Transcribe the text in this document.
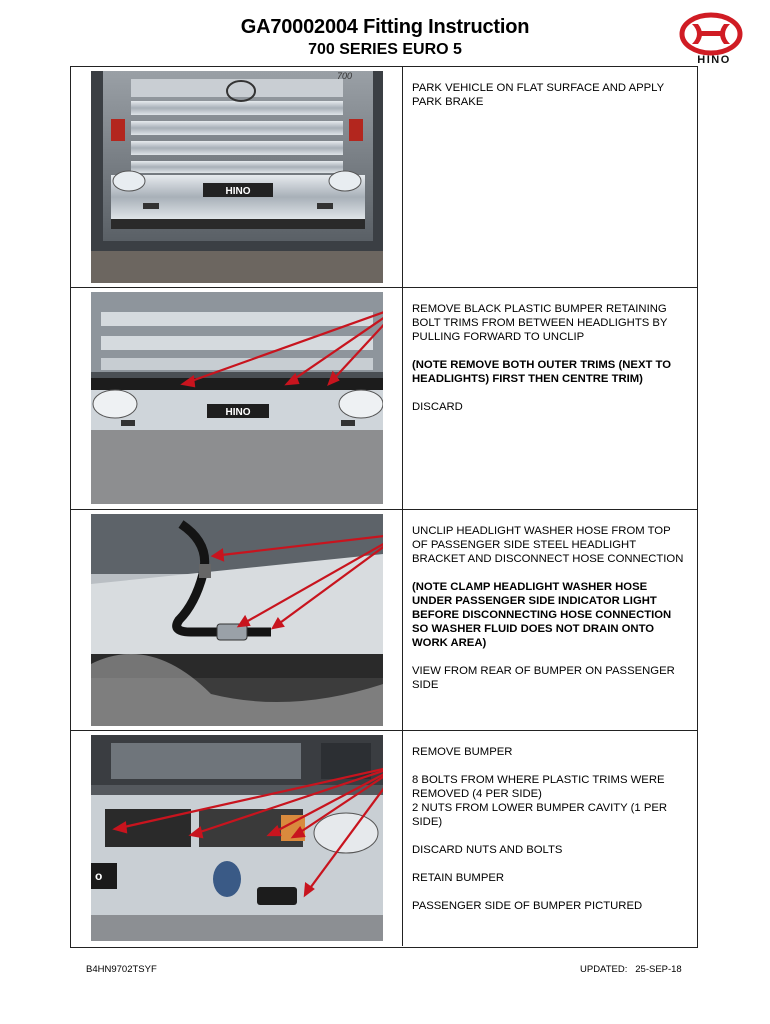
GA70002004 Fitting Instruction
700 SERIES EURO 5
HINO
HINO
700

PARK VEHICLE ON FLAT SURFACE AND APPLY PARK BRAKE

HINO

REMOVE BLACK PLASTIC BUMPER RETAINING BOLT TRIMS FROM BETWEEN HEADLIGHTS BY PULLING FORWARD TO UNCLIP

(NOTE REMOVE BOTH OUTER TRIMS (NEXT TO HEADLIGHTS) FIRST THEN CENTRE TRIM)

DISCARD

UNCLIP HEADLIGHT WASHER HOSE FROM TOP OF PASSENGER SIDE STEEL HEADLIGHT BRACKET AND DISCONNECT HOSE CONNECTION

(NOTE CLAMP HEADLIGHT WASHER HOSE UNDER PASSENGER SIDE INDICATOR LIGHT BEFORE DISCONNECTING HOSE CONNECTION SO WASHER FLUID DOES NOT DRAIN ONTO WORK AREA)

VIEW FROM REAR OF BUMPER ON PASSENGER SIDE

o

REMOVE BUMPER

8 BOLTS FROM WHERE PLASTIC TRIMS WERE REMOVED (4 PER SIDE)
2 NUTS FROM LOWER BUMPER CAVITY (1 PER SIDE)

DISCARD NUTS AND BOLTS

RETAIN BUMPER

PASSENGER SIDE OF BUMPER PICTURED

B4HN9702TSYF	UPDATED:   25-SEP-18
